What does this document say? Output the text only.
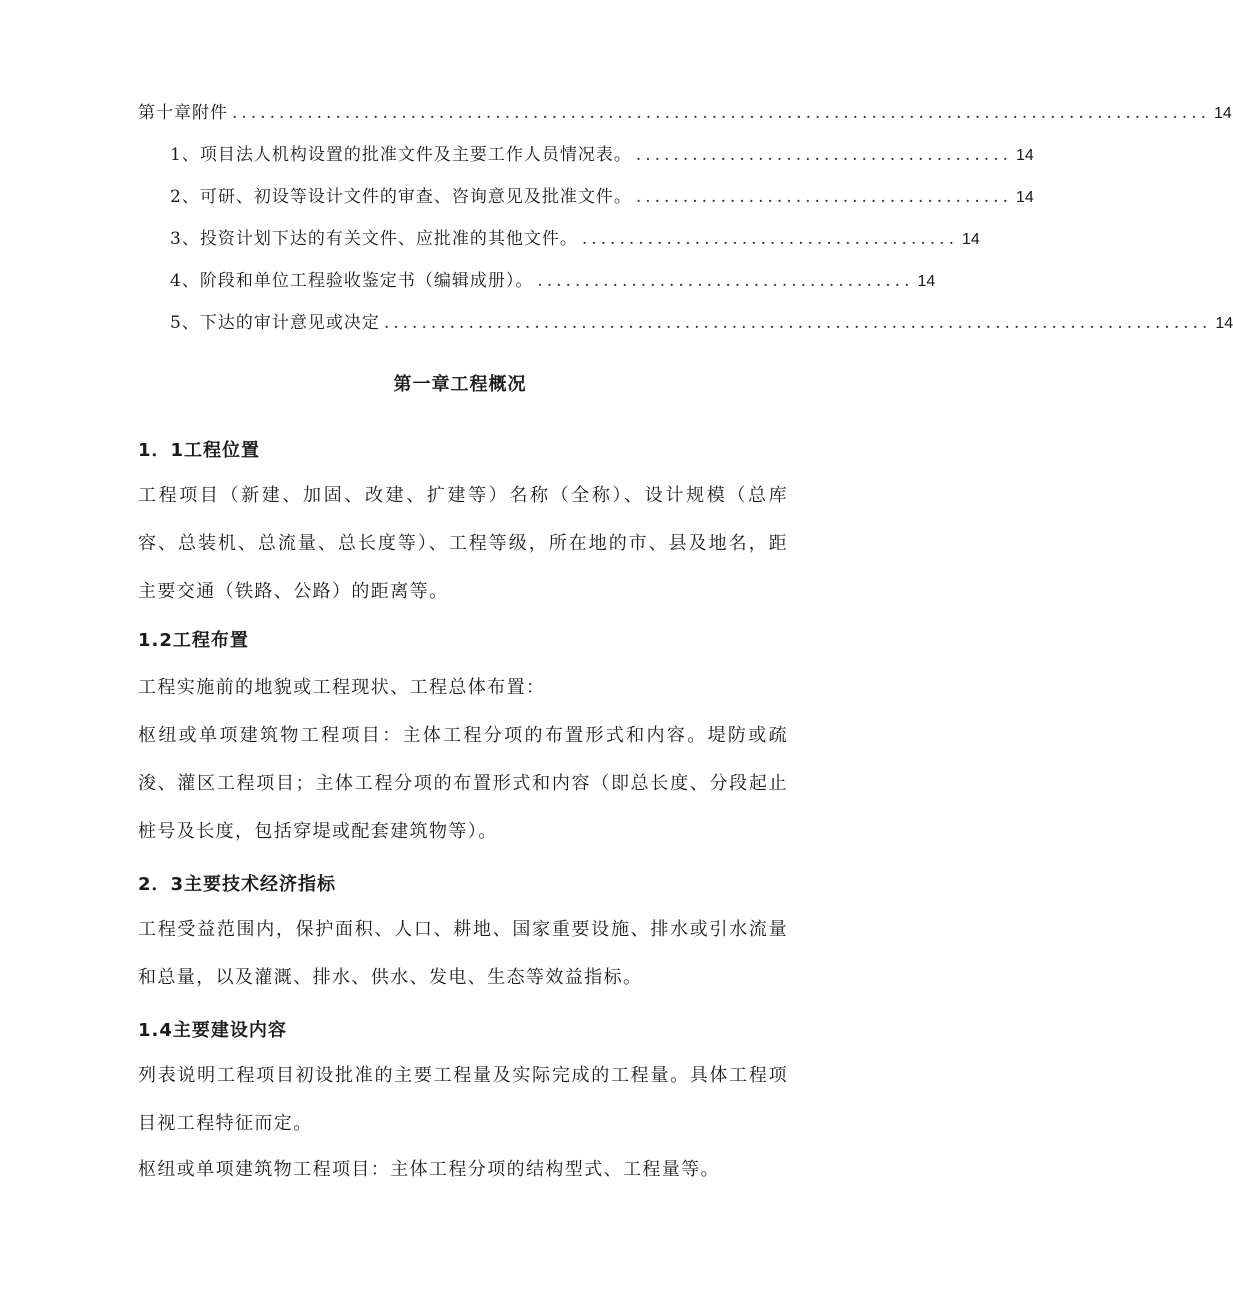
第十章附件 ........................................................................................................ 14
1、项目法人机构设置的批准文件及主要工作人员情况表。 ........................................ 14
2、可研、初设等设计文件的审查、咨询意见及批准文件。 ........................................ 14
3、投资计划下达的有关文件、应批准的其他文件。 ........................................ 14
4、阶段和单位工程验收鉴定书（编辑成册）。 ........................................ 14
5、下达的审计意见或决定 ........................................................................................ 14
第一章工程概况
1．1工程位置

工程项目（新建、加固、改建、扩建等）名称（全称）、设计规模（总库容、总装机、总流量、总长度等）、工程等级，所在地的市、县及地名，距主要交通（铁路、公路）的距离等。

1.2工程布置

工程实施前的地貌或工程现状、工程总体布置：

枢纽或单项建筑物工程项目：主体工程分项的布置形式和内容。堤防或疏浚、灌区工程项目；主体工程分项的布置形式和内容（即总长度、分段起止桩号及长度，包括穿堤或配套建筑物等）。

2．3主要技术经济指标

工程受益范围内，保护面积、人口、耕地、国家重要设施、排水或引水流量和总量，以及灌溉、排水、供水、发电、生态等效益指标。

1.4主要建设内容

列表说明工程项目初设批准的主要工程量及实际完成的工程量。具体工程项目视工程特征而定。

枢纽或单项建筑物工程项目：主体工程分项的结构型式、工程量等。
